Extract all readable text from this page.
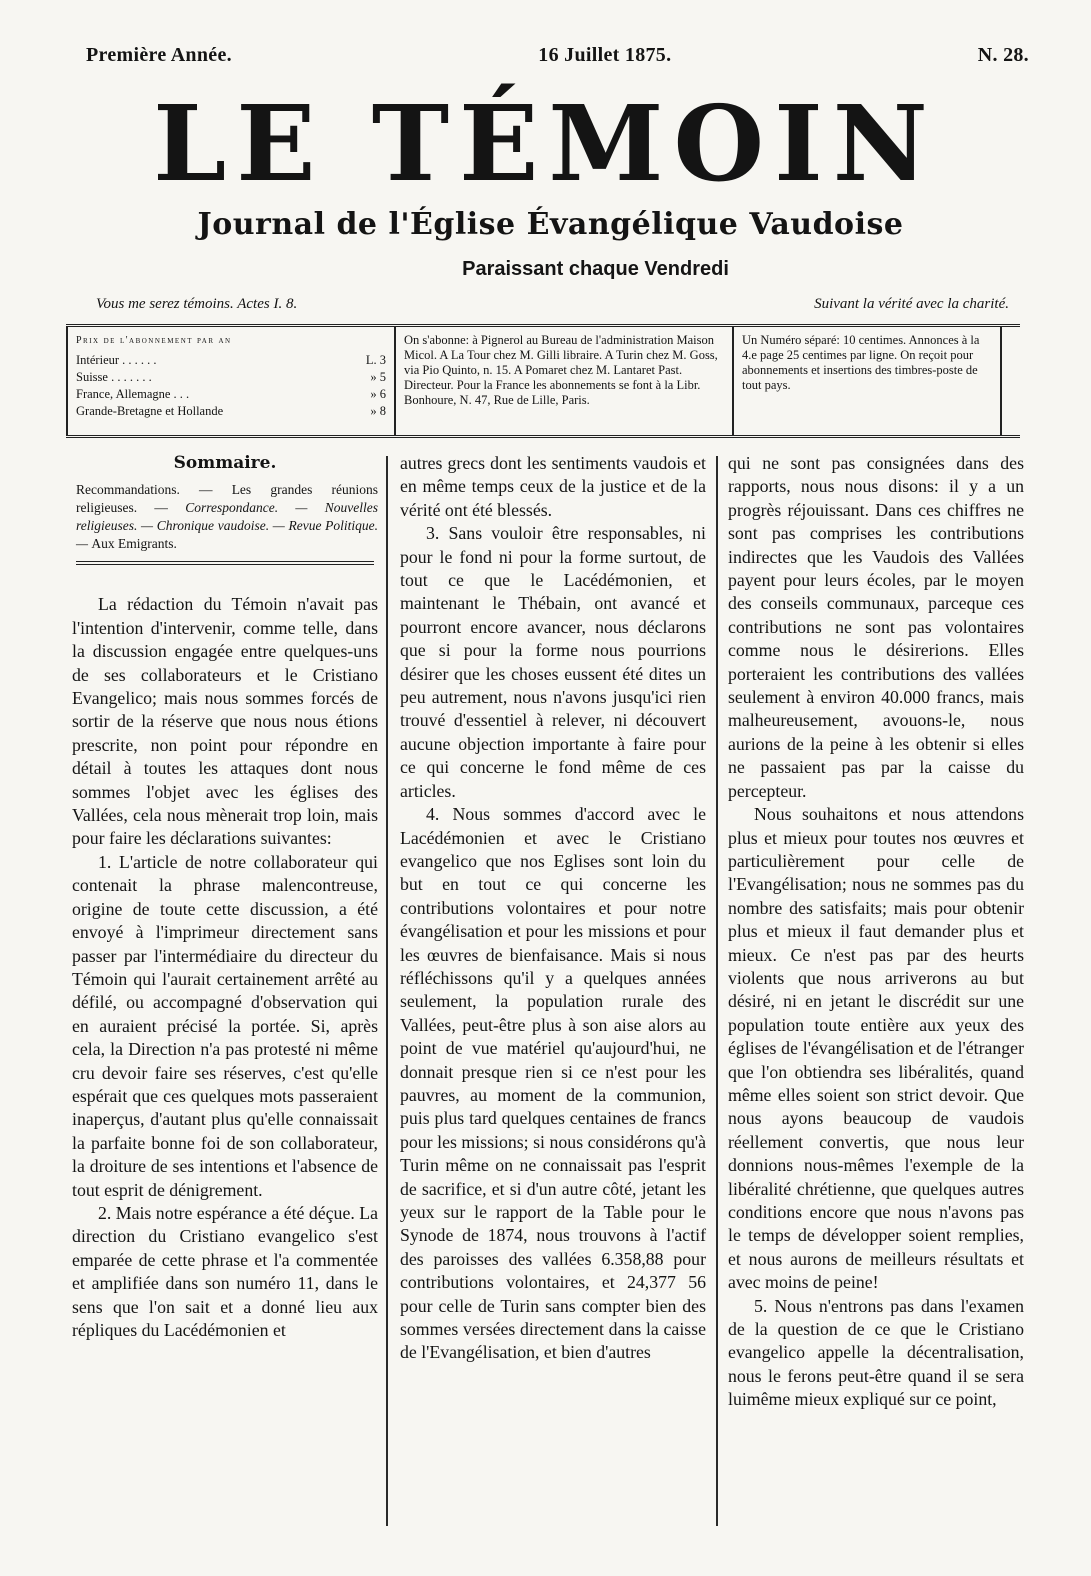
Première Année.	16 Juillet 1875.	N. 28.
LE TÉMOIN
Journal de l'Église Évangélique Vaudoise
Paraissant chaque Vendredi
Vous me serez témoins. Actes I. 8.	Suivant la vérité avec la charité.
Prix de l'abonnement par an
Intérieur . . . . . .	L. 3
Suisse . . . . . . .	» 5
France, Allemagne . . .	» 6
Grande-Bretagne et Hollande	» 8
On s'abonne: à Pignerol au Bureau de l'administration Maison Micol. A La Tour chez M. Gilli libraire. A Turin chez M. Goss, via Pio Quinto, n. 15. A Pomaret chez M. Lantaret Past. Directeur. Pour la France les abonnements se font à la Libr. Bonhoure, N. 47, Rue de Lille, Paris.
Un Numéro séparé: 10 centimes. Annonces à la 4.e page 25 centimes par ligne. On reçoit pour abonnements et insertions des timbres-poste de tout pays.
Sommaire.
Recommandations. — Les grandes réunions religieuses. — Correspondance. — Nouvelles religieuses. — Chronique vaudoise. — Revue Politique. — Aux Emigrants.

La rédaction du Témoin n'avait pas l'intention d'intervenir, comme telle, dans la discussion engagée entre quelques-uns de ses collaborateurs et le Cristiano Evangelico; mais nous sommes forcés de sortir de la réserve que nous nous étions prescrite, non point pour répondre en détail à toutes les attaques dont nous sommes l'objet avec les églises des Vallées, cela nous mènerait trop loin, mais pour faire les déclarations suivantes:

1. L'article de notre collaborateur qui contenait la phrase malencontreuse, origine de toute cette discussion, a été envoyé à l'imprimeur directement sans passer par l'intermédiaire du directeur du Témoin qui l'aurait certainement arrêté au défilé, ou accompagné d'observation qui en auraient précisé la portée. Si, après cela, la Direction n'a pas protesté ni même cru devoir faire ses réserves, c'est qu'elle espérait que ces quelques mots passeraient inaperçus, d'autant plus qu'elle connaissait la parfaite bonne foi de son collaborateur, la droiture de ses intentions et l'absence de tout esprit de dénigrement.

2. Mais notre espérance a été déçue. La direction du Cristiano evangelico s'est emparée de cette phrase et l'a commentée et amplifiée dans son numéro 11, dans le sens que l'on sait et a donné lieu aux répliques du Lacédémonien et

autres grecs dont les sentiments vaudois et en même temps ceux de la justice et de la vérité ont été blessés.

3. Sans vouloir être responsables, ni pour le fond ni pour la forme surtout, de tout ce que le Lacédémonien, et maintenant le Thébain, ont avancé et pourront encore avancer, nous déclarons que si pour la forme nous pourrions désirer que les choses eussent été dites un peu autrement, nous n'avons jusqu'ici rien trouvé d'essentiel à relever, ni découvert aucune objection importante à faire pour ce qui concerne le fond même de ces articles.

4. Nous sommes d'accord avec le Lacédémonien et avec le Cristiano evangelico que nos Eglises sont loin du but en tout ce qui concerne les contributions volontaires et pour notre évangélisation et pour les missions et pour les œuvres de bienfaisance. Mais si nous réfléchissons qu'il y a quelques années seulement, la population rurale des Vallées, peut-être plus à son aise alors au point de vue matériel qu'aujourd'hui, ne donnait presque rien si ce n'est pour les pauvres, au moment de la communion, puis plus tard quelques centaines de francs pour les missions; si nous considérons qu'à Turin même on ne connaissait pas l'esprit de sacrifice, et si d'un autre côté, jetant les yeux sur le rapport de la Table pour le Synode de 1874, nous trouvons à l'actif des paroisses des vallées 6.358,88 pour contributions volontaires, et 24,377 56 pour celle de Turin sans compter bien des sommes versées directement dans la caisse de l'Evangélisation, et bien d'autres

qui ne sont pas consignées dans des rapports, nous nous disons: il y a un progrès réjouissant. Dans ces chiffres ne sont pas comprises les contributions indirectes que les Vaudois des Vallées payent pour leurs écoles, par le moyen des conseils communaux, parceque ces contributions ne sont pas volontaires comme nous le désirerions. Elles porteraient les contributions des vallées seulement à environ 40.000 francs, mais malheureusement, avouons-le, nous aurions de la peine à les obtenir si elles ne passaient pas par la caisse du percepteur.

Nous souhaitons et nous attendons plus et mieux pour toutes nos œuvres et particulièrement pour celle de l'Evangélisation; nous ne sommes pas du nombre des satisfaits; mais pour obtenir plus et mieux il faut demander plus et mieux. Ce n'est pas par des heurts violents que nous arriverons au but désiré, ni en jetant le discrédit sur une population toute entière aux yeux des églises de l'évangélisation et de l'étranger que l'on obtiendra ses libéralités, quand même elles soient son strict devoir. Que nous ayons beaucoup de vaudois réellement convertis, que nous leur donnions nous-mêmes l'exemple de la libéralité chrétienne, que quelques autres conditions encore que nous n'avons pas le temps de développer soient remplies, et nous aurons de meilleurs résultats et avec moins de peine!

5. Nous n'entrons pas dans l'examen de la question de ce que le Cristiano evangelico appelle la décentralisation, nous le ferons peut-être quand il se sera luimême mieux expliqué sur ce point,
